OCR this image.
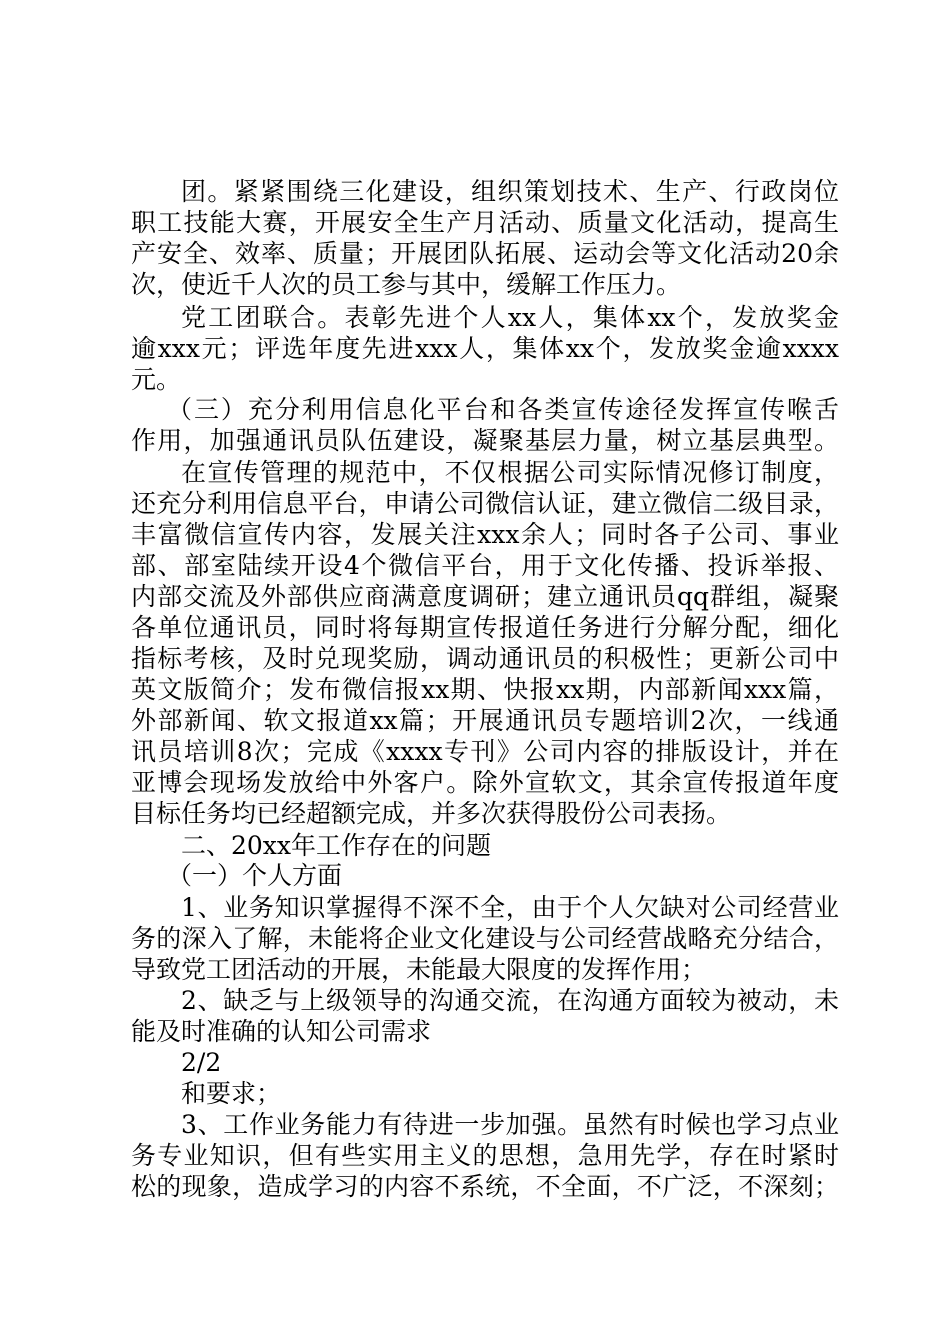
团。紧紧围绕三化建设，组织策划技术、生产、行政岗位
职工技能大赛，开展安全生产月活动、质量文化活动，提高生
产安全、效率、质量；开展团队拓展、运动会等文化活动20余
次，使近千人次的员工参与其中，缓解工作压力。
党工团联合。表彰先进个人xx人，集体xx个，发放奖金
逾xxx元；评选年度先进xxx人，集体xx个，发放奖金逾xxxx
元。
（三）充分利用信息化平台和各类宣传途径发挥宣传喉舌
作用，加强通讯员队伍建设，凝聚基层力量，树立基层典型。
在宣传管理的规范中，不仅根据公司实际情况修订制度，
还充分利用信息平台，申请公司微信认证，建立微信二级目录，
丰富微信宣传内容，发展关注xxx余人；同时各子公司、事业
部、部室陆续开设4个微信平台，用于文化传播、投诉举报、
内部交流及外部供应商满意度调研；建立通讯员qq群组，凝聚
各单位通讯员，同时将每期宣传报道任务进行分解分配，细化
指标考核，及时兑现奖励，调动通讯员的积极性；更新公司中
英文版简介；发布微信报xx期、快报xx期，内部新闻xxx篇，
外部新闻、软文报道xx篇；开展通讯员专题培训2次，一线通
讯员培训8次；完成《xxxx专刊》公司内容的排版设计，并在
亚博会现场发放给中外客户。除外宣软文，其余宣传报道年度
目标任务均已经超额完成，并多次获得股份公司表扬。
二、20xx年工作存在的问题
（一）个人方面
1、业务知识掌握得不深不全，由于个人欠缺对公司经营业
务的深入了解，未能将企业文化建设与公司经营战略充分结合，
导致党工团活动的开展，未能最大限度的发挥作用；
2、缺乏与上级领导的沟通交流，在沟通方面较为被动，未
能及时准确的认知公司需求
2/2
和要求；
3、工作业务能力有待进一步加强。虽然有时候也学习点业
务专业知识，但有些实用主义的思想，急用先学，存在时紧时
松的现象，造成学习的内容不系统，不全面，不广泛，不深刻；
